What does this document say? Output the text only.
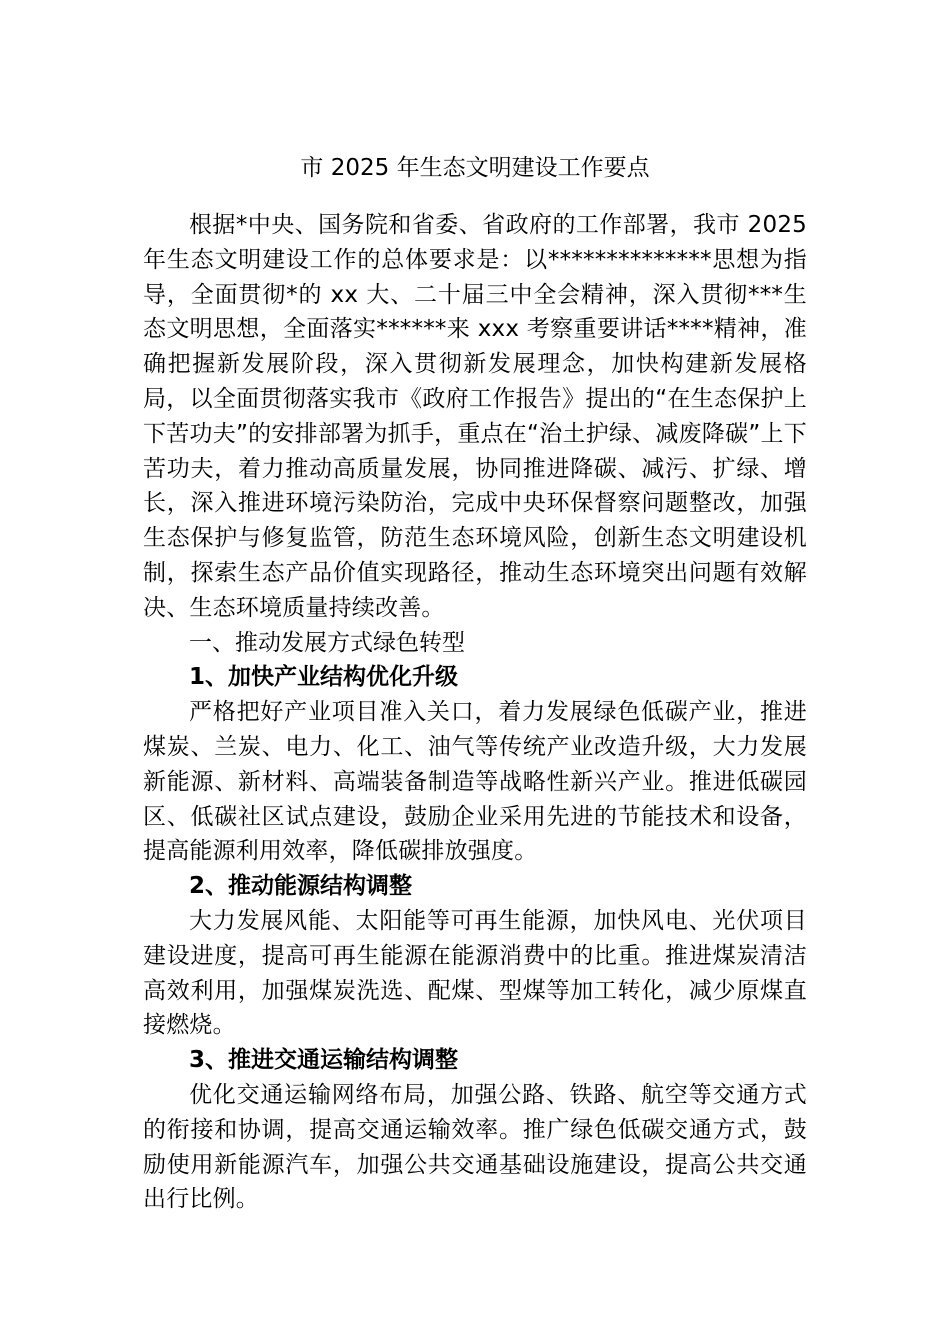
市 2025 年生态文明建设工作要点

根据*中央、国务院和省委、省政府的工作部署，我市 2025 年生态文明建设工作的总体要求是：以**************思想为指导，全面贯彻*的 xx 大、二十届三中全会精神，深入贯彻***生态文明思想，全面落实******来 xxx 考察重要讲话****精神，准确把握新发展阶段，深入贯彻新发展理念，加快构建新发展格局，以全面贯彻落实我市《政府工作报告》提出的“在生态保护上下苦功夫”的安排部署为抓手，重点在“治土护绿、减废降碳”上下苦功夫，着力推动高质量发展，协同推进降碳、减污、扩绿、增长，深入推进环境污染防治，完成中央环保督察问题整改，加强生态保护与修复监管，防范生态环境风险，创新生态文明建设机制，探索生态产品价值实现路径，推动生态环境突出问题有效解决、生态环境质量持续改善。

一、推动发展方式绿色转型

1、加快产业结构优化升级

严格把好产业项目准入关口，着力发展绿色低碳产业，推进煤炭、兰炭、电力、化工、油气等传统产业改造升级，大力发展新能源、新材料、高端装备制造等战略性新兴产业。推进低碳园区、低碳社区试点建设，鼓励企业采用先进的节能技术和设备，提高能源利用效率，降低碳排放强度。

2、推动能源结构调整

大力发展风能、太阳能等可再生能源，加快风电、光伏项目建设进度，提高可再生能源在能源消费中的比重。推进煤炭清洁高效利用，加强煤炭洗选、配煤、型煤等加工转化，减少原煤直接燃烧。

3、推进交通运输结构调整

优化交通运输网络布局，加强公路、铁路、航空等交通方式的衔接和协调，提高交通运输效率。推广绿色低碳交通方式，鼓励使用新能源汽车，加强公共交通基础设施建设，提高公共交通出行比例。
